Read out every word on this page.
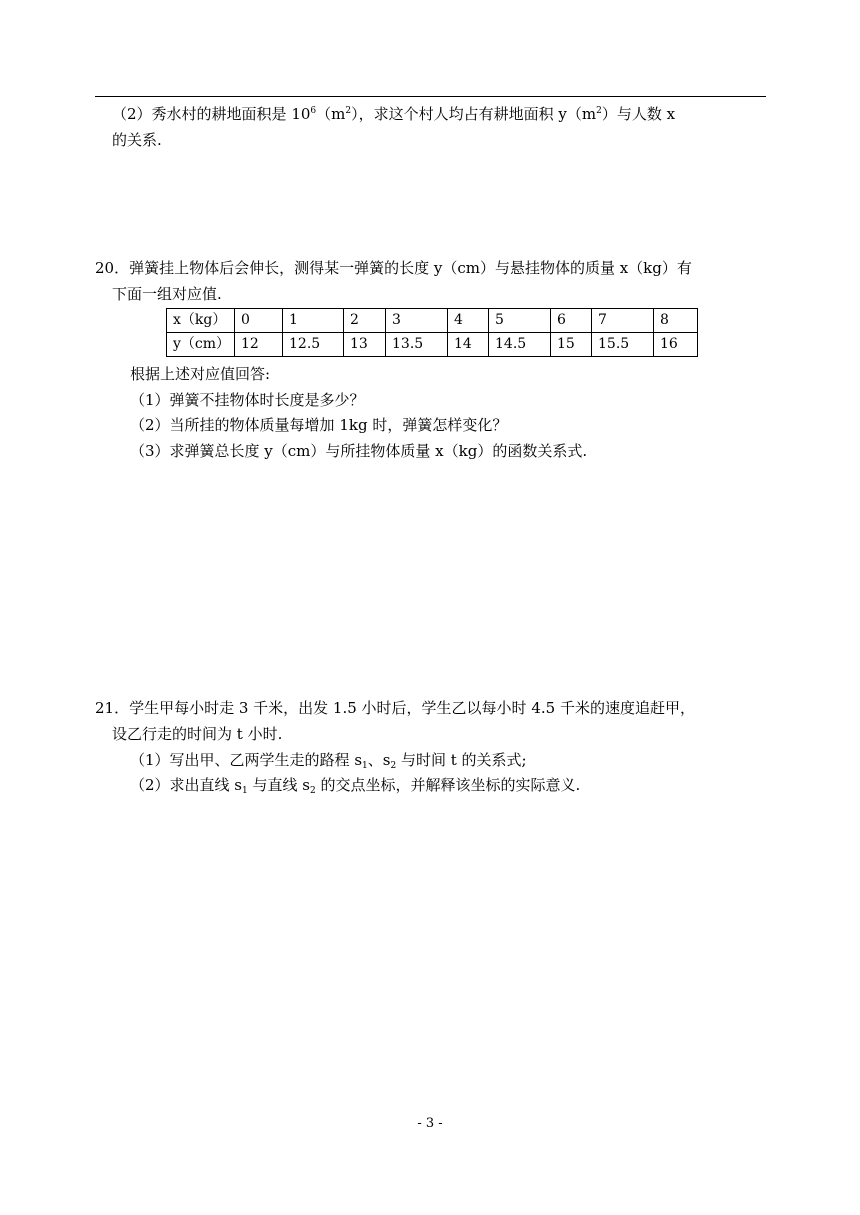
（2）秀水村的耕地面积是 $10^6(m^2)$，求这个村人均占有耕地面积 $y(m^2)$与人数 x
的关系.
20．弹簧挂上物体后会伸长，测得某一弹簧的长度 y（cm）与悬挂物体的质量 x（kg）有
下面一组对应值.
x（kg）	0	1	2	3	4	5	6	7	8
y（cm）	12	12.5	13	13.5	14	14.5	15	15.5	16
根据上述对应值回答:
（1）弹簧不挂物体时长度是多少？
（2）当所挂的物体质量每增加 1kg 时，弹簧怎样变化？
（3）求弹簧总长度 y（cm）与所挂物体质量 x（kg）的函数关系式.
21．学生甲每小时走 3 千米，出发 1.5 小时后，学生乙以每小时 4.5 千米的速度追赶甲，
设乙行走的时间为 t 小时.
（1）写出甲、乙两学生走的路程 $s_1$、$s_2$ 与时间 t 的关系式;
（2）求出直线 $s_1$ 与直线 $s_2$ 的交点坐标，并解释该坐标的实际意义.
- 3 -
